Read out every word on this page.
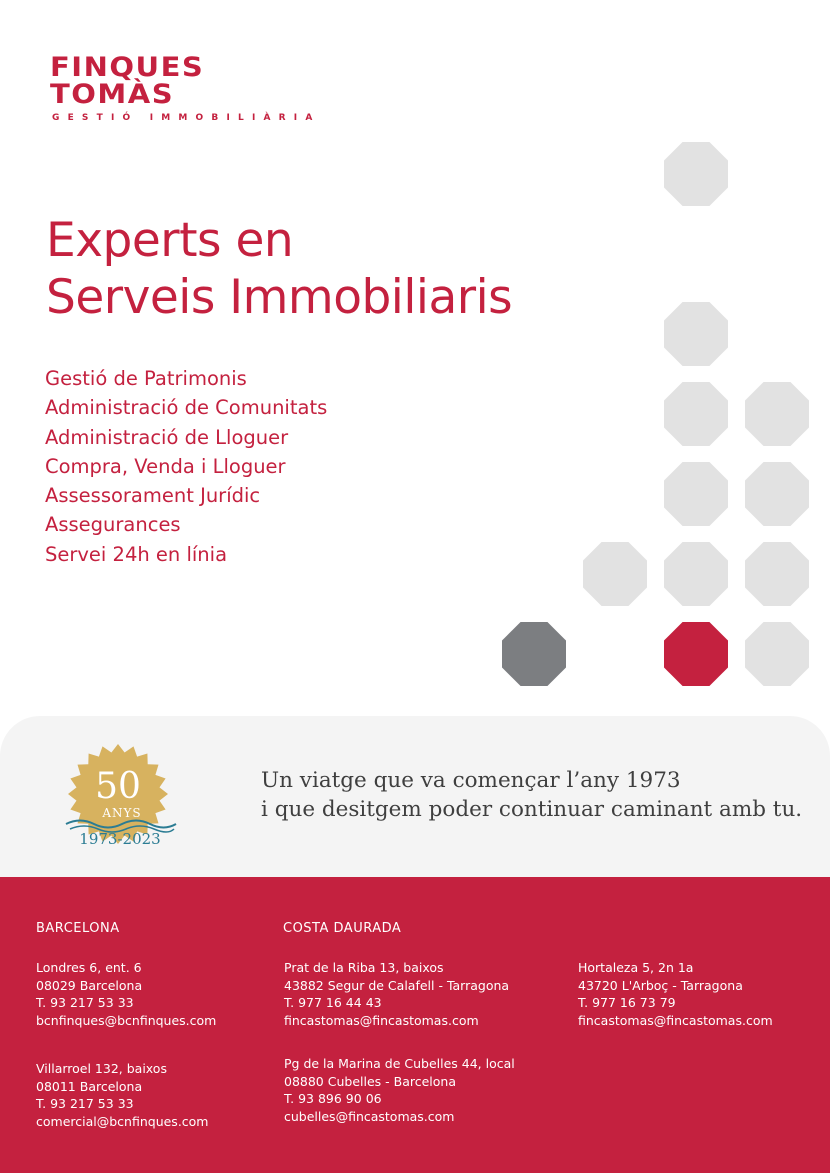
FINQUES TOMÀS
GESTIÓ IMMOBILIÀRIA
Experts en
Serveis Immobiliaris
Gestió de Patrimonis
Administració de Comunitats
Administració de Lloguer
Compra, Venda i Lloguer
Assessorament Jurídic
Assegurances
Servei 24h en línia
50
ANYS
1973-2023

Un viatge que va començar l’any 1973
i que desitgem poder continuar caminant amb tu.

BARCELONA	COSTA DAURADA
Londres 6, ent. 6
08029 Barcelona
T. 93 217 53 33
bcnfinques@bcnfinques.com
Villarroel 132, baixos
08011 Barcelona
T. 93 217 53 33
comercial@bcnfinques.com
Prat de la Riba 13, baixos
43882 Segur de Calafell - Tarragona
T. 977 16 44 43
fincastomas@fincastomas.com
Pg de la Marina de Cubelles 44, local
08880 Cubelles - Barcelona
T. 93 896 90 06
cubelles@fincastomas.com
Hortaleza 5, 2n 1a
43720 L'Arboç - Tarragona
T. 977 16 73 79
fincastomas@fincastomas.com
